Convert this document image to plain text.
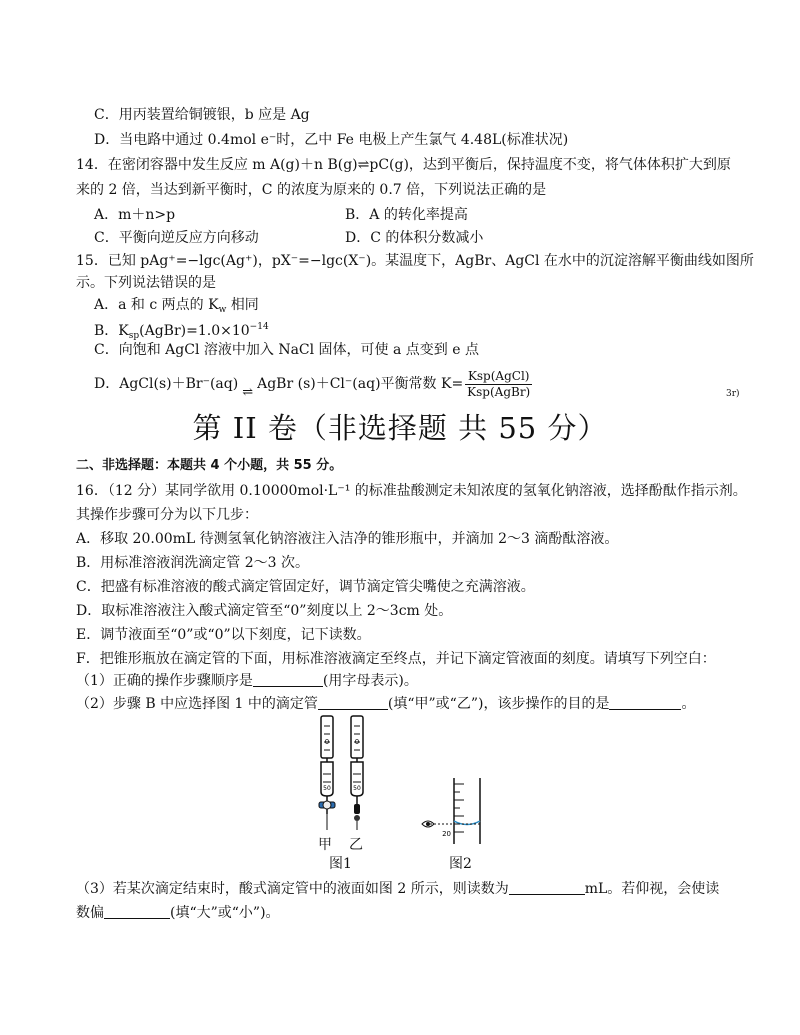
C．用丙装置给铜镀银，b 应是 Ag
D．当电路中通过 0.4mol e⁻时，乙中 Fe 电极上产生氯气 4.48L(标准状况)
14．在密闭容器中发生反应 m A(g)＋n B(g)⇌pC(g)，达到平衡后，保持温度不变，将气体体积扩大到原
来的 2 倍，当达到新平衡时，C 的浓度为原来的 0.7 倍，下列说法正确的是
A．m＋n>p	B．A 的转化率提高
C．平衡向逆反应方向移动	D．C 的体积分数减小
15．已知 pAg⁺=−lgc(Ag⁺)，pX⁻=−lgc(X⁻)。某温度下，AgBr、AgCl 在水中的沉淀溶解平衡曲线如图所
示。下列说法错误的是
A．a 和 c 两点的 $K_w$ 相同
B．$K_{sp}(AgBr)=1.0\times 10^{-14}$
C．向饱和 AgCl 溶液中加入 NaCl 固体，可使 a 点变到 e 点
D．AgCl(s)＋Br⁻(aq)⇌AgBr (s)＋Cl⁻(aq)平衡常数 $K= \frac{\text{Ksp(AgCl)}}{\text{Ksp(AgBr)}}$	3r)
第 II 卷（非选择题 共 55 分）
二、非选择题：本题共 4 个小题，共 55 分。
16．（12 分）某同学欲用 0.10000mol·L⁻¹ 的标准盐酸测定未知浓度的氢氧化钠溶液，选择酚酞作指示剂。
其操作步骤可分为以下几步：
A．移取 20.00mL 待测氢氧化钠溶液注入洁净的锥形瓶中，并滴加 2～3 滴酚酞溶液。
B．用标准溶液润洗滴定管 2～3 次。
C．把盛有标准溶液的酸式滴定管固定好，调节滴定管尖嘴使之充满溶液。
D．取标准溶液注入酸式滴定管至“0”刻度以上 2～3cm 处。
E．调节液面至“0”或“0”以下刻度，记下读数。
F．把锥形瓶放在滴定管的下面，用标准溶液滴定至终点，并记下滴定管液面的刻度。请填写下列空白：
（1）正确的操作步骤顺序是	(用字母表示)。
（2）步骤 B 中应选择图 1 中的滴定管	(填“甲”或“乙”)，该步操作的目的是	。
0	0
50	50
甲 乙
图1
20
图2
（3）若某次滴定结束时，酸式滴定管中的液面如图 2 所示，则读数为	mL。若仰视，会使读
数偏	(填“大”或“小”)。
